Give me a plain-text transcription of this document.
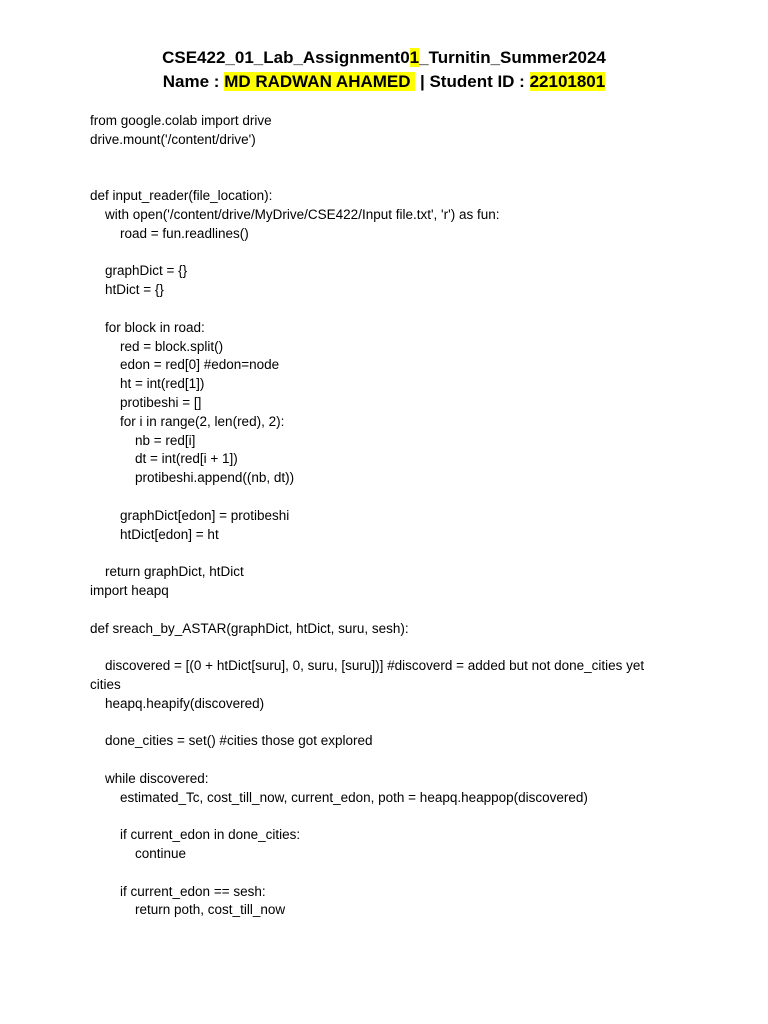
CSE422_01_Lab_Assignment01_Turnitin_Summer2024
Name : MD RADWAN AHAMED  | Student ID : 22101801
from google.colab import drive
drive.mount('/content/drive')
def input_reader(file_location):
with open('/content/drive/MyDrive/CSE422/Input file.txt', 'r') as fun:
road = fun.readlines()
graphDict = {}
htDict = {}
for block in road:
red = block.split()
edon = red[0] #edon=node
ht = int(red[1])
protibeshi = []
for i in range(2, len(red), 2):
nb = red[i]
dt = int(red[i + 1])
protibeshi.append((nb, dt))
graphDict[edon] = protibeshi
htDict[edon] = ht
return graphDict, htDict
import heapq
def sreach_by_ASTAR(graphDict, htDict, suru, sesh):
discovered = [(0 + htDict[suru], 0, suru, [suru])] #discoverd = added but not done_cities yet
cities
heapq.heapify(discovered)
done_cities = set() #cities those got explored
while discovered:
estimated_Tc, cost_till_now, current_edon, poth = heapq.heappop(discovered)
if current_edon in done_cities:
continue
if current_edon == sesh:
return poth, cost_till_now
